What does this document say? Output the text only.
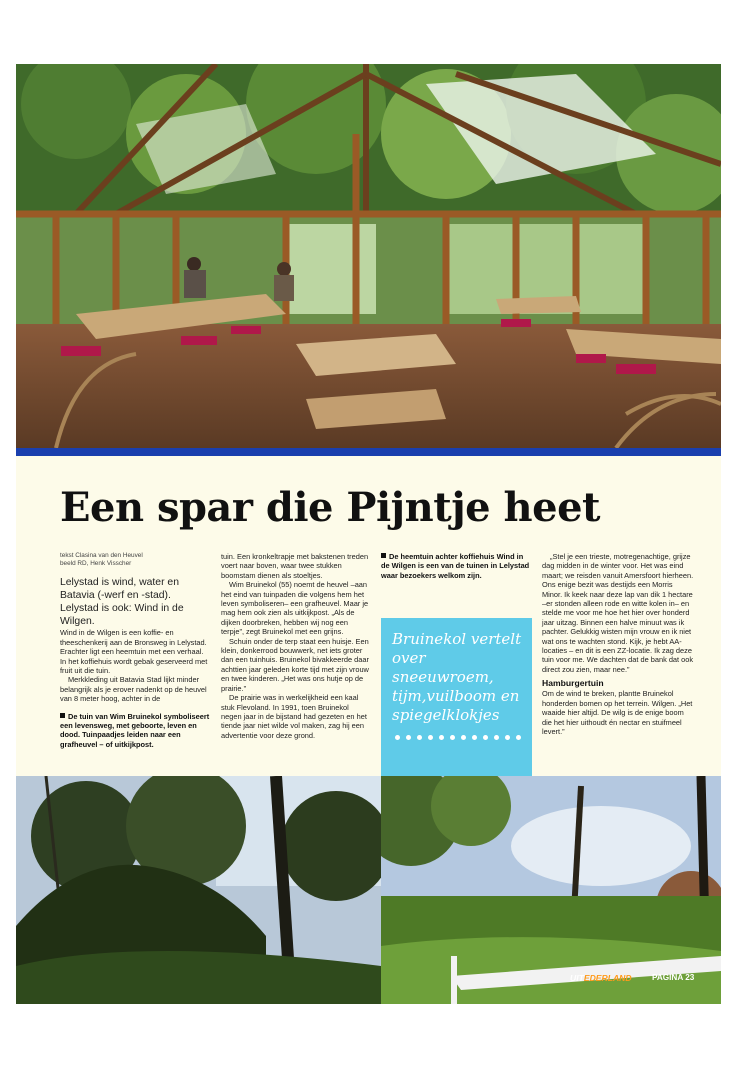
Een spar die Pijntje heet
tekst Clasina van den Heuvel
beeld RD, Henk Visscher

Lelystad is wind, water en Batavia (-werf en -stad). Lelystad is ook: Wind in de Wilgen.

Wind in de Wilgen is een koffie- en theeschenkerij aan de Bronsweg in Lelystad. Erachter ligt een heemtuin met een verhaal. In het koffiehuis wordt gebak geserveerd met fruit uit die tuin.

Merkkleding uit Batavia Stad lijkt minder belangrijk als je erover nadenkt op de heuvel van 8 meter hoog, achter in de

De tuin van Wim Bruinekol symboliseert een levensweg, met geboorte, leven en dood. Tuinpaadjes leiden naar een grafheuvel – of uitkijkpost.

tuin. Een kronkeltrapje met bakstenen treden voert naar boven, waar twee stukken boomstam dienen als stoeltjes.

Wim Bruinekol (55) noemt de heuvel –aan het eind van tuinpaden die volgens hem het leven symboliseren– een grafheuvel. Maar je mag hem ook zien als uitkijkpost. „Als de dijken doorbreken, hebben wij nog een terpje”, zegt Bruinekol met een grijns.

Schuin onder de terp staat een huisje. Een klein, donkerrood bouwwerk, net iets groter dan een tuinhuis. Bruinekol bivakkeerde daar achttien jaar geleden korte tijd met zijn vrouw en twee kinderen. „Het was ons hutje op de prairie.”

De prairie was in werkelijkheid een kaal stuk Flevoland. In 1991, toen Bruinekol negen jaar in de bijstand had gezeten en het tiende jaar niet wilde vol maken, zag hij een advertentie voor deze grond.

De heemtuin achter koffiehuis Wind in de Wilgen is een van de tuinen in Lelystad waar bezoekers welkom zijn.

Bruinekol vertelt over sneeuwroem, tijm,vuilboom en spiegelklokjes

„Stel je een trieste, motregenachtige, grijze dag midden in de winter voor. Het was eind maart; we reisden vanuit Amersfoort hierheen. Ons enige bezit was destijds een Morris Minor. Ik keek naar deze lap van dik 1 hectare –er stonden alleen rode en witte kolen in– en stelde me voor me hoe het hier over honderd jaar uitzag. Binnen een halve minuut was ik pachter. Gelukkig wisten mijn vrouw en ik niet wat ons te wachten stond. Kijk, je hebt AA-locaties – en dit is een ZZ-locatie. Ik zag deze tuin voor me. We dachten dat de bank dat ook direct zou zien, maar nee.”

Hamburgertuin

Om de wind te breken, plantte Bruinekol honderden bomen op het terrein. Wilgen. „Het waaide hier altijd. De wilg is de enige boom die het hier uithoudt én nectar en stuifmeel levert.”

UITEDERLAND PAGINA 23
